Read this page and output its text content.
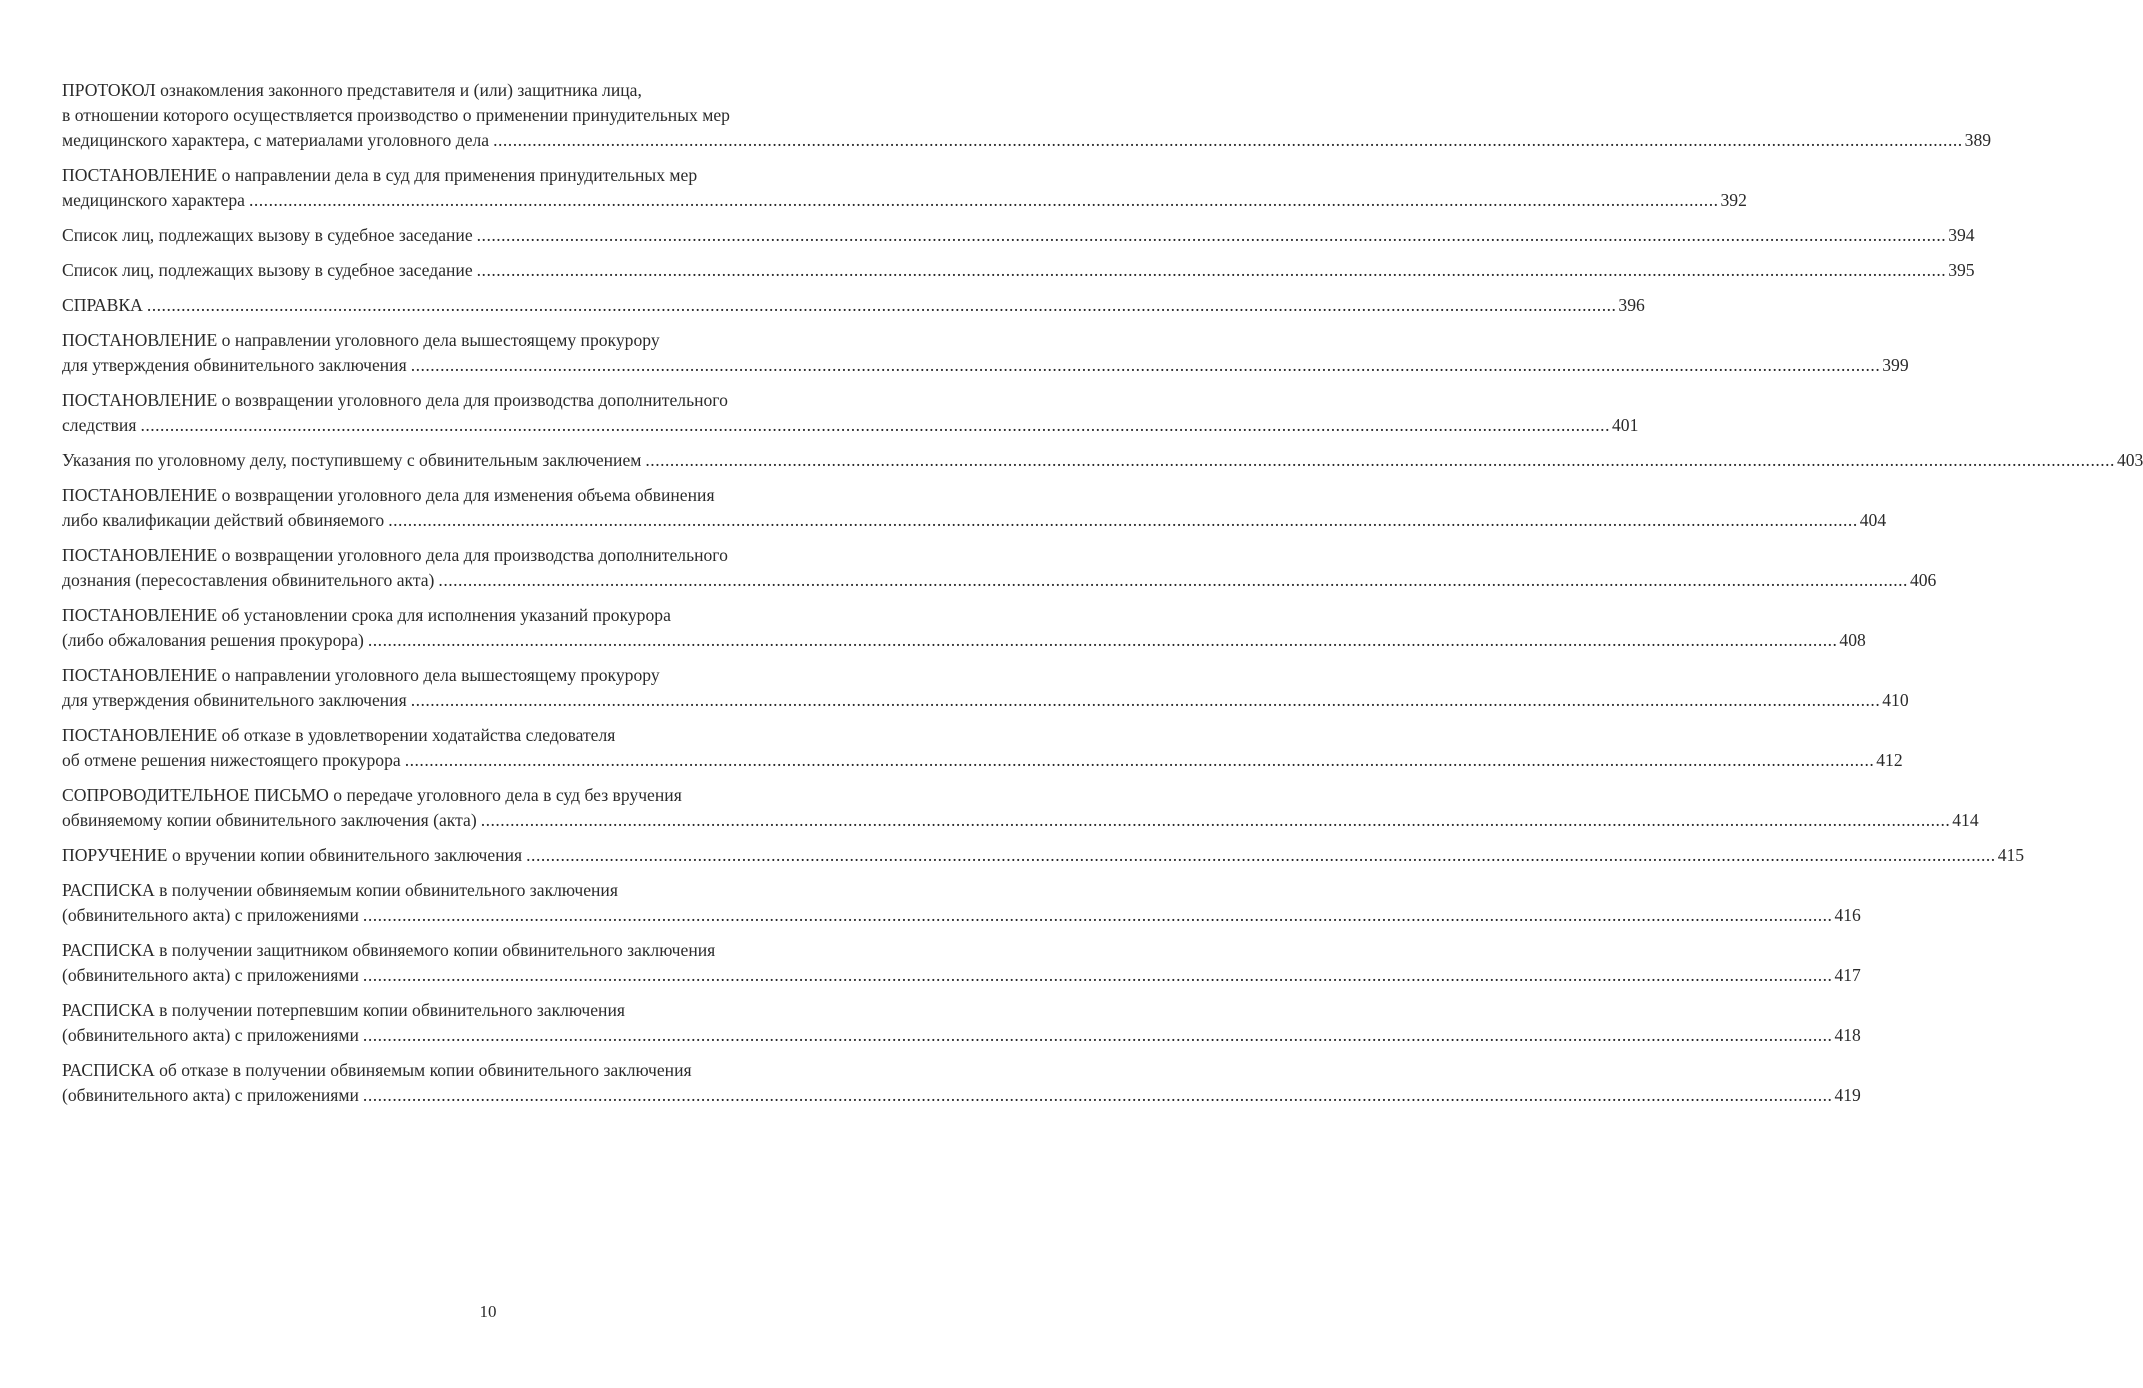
ПРОТОКОЛ ознакомления законного представителя и (или) защитника лица,
в отношении которого осуществляется производство о применении принудительных мер
медицинского характера, с материалами уголовного дела ............................................................................................................................................................................................................................................................................................................ 389
ПОСТАНОВЛЕНИЕ о направлении дела в суд для применения принудительных мер
медицинского характера ............................................................................................................................................................................................................................................................................................................ 392
Список лиц, подлежащих вызову в судебное заседание ............................................................................................................................................................................................................................................................................................................ 394
Список лиц, подлежащих вызову в судебное заседание ............................................................................................................................................................................................................................................................................................................ 395
СПРАВКА ............................................................................................................................................................................................................................................................................................................ 396
ПОСТАНОВЛЕНИЕ о направлении уголовного дела вышестоящему прокурору
для утверждения обвинительного заключения ............................................................................................................................................................................................................................................................................................................ 399
ПОСТАНОВЛЕНИЕ о возвращении уголовного дела для производства дополнительного
следствия ............................................................................................................................................................................................................................................................................................................ 401
Указания по уголовному делу, поступившему с обвинительным заключением ............................................................................................................................................................................................................................................................................................................ 403
ПОСТАНОВЛЕНИЕ о возвращении уголовного дела для изменения объема обвинения
либо квалификации действий обвиняемого ............................................................................................................................................................................................................................................................................................................ 404
ПОСТАНОВЛЕНИЕ о возвращении уголовного дела для производства дополнительного
дознания (пересоставления обвинительного акта) ............................................................................................................................................................................................................................................................................................................ 406
ПОСТАНОВЛЕНИЕ об установлении срока для исполнения указаний прокурора
(либо обжалования решения прокурора) ............................................................................................................................................................................................................................................................................................................ 408
ПОСТАНОВЛЕНИЕ о направлении уголовного дела вышестоящему прокурору
для утверждения обвинительного заключения ............................................................................................................................................................................................................................................................................................................ 410
ПОСТАНОВЛЕНИЕ об отказе в удовлетворении ходатайства следователя
об отмене решения нижестоящего прокурора ............................................................................................................................................................................................................................................................................................................ 412
СОПРОВОДИТЕЛЬНОЕ ПИСЬМО о передаче уголовного дела в суд без вручения
обвиняемому копии обвинительного заключения (акта) ............................................................................................................................................................................................................................................................................................................ 414
ПОРУЧЕНИЕ о вручении копии обвинительного заключения ............................................................................................................................................................................................................................................................................................................ 415
РАСПИСКА в получении обвиняемым копии обвинительного заключения
(обвинительного акта) с приложениями ............................................................................................................................................................................................................................................................................................................ 416
РАСПИСКА в получении защитником обвиняемого копии обвинительного заключения
(обвинительного акта) с приложениями ............................................................................................................................................................................................................................................................................................................ 417
РАСПИСКА в получении потерпевшим копии обвинительного заключения
(обвинительного акта) с приложениями ............................................................................................................................................................................................................................................................................................................ 418
РАСПИСКА об отказе в получении обвиняемым копии обвинительного заключения
(обвинительного акта) с приложениями ............................................................................................................................................................................................................................................................................................................ 419
10
